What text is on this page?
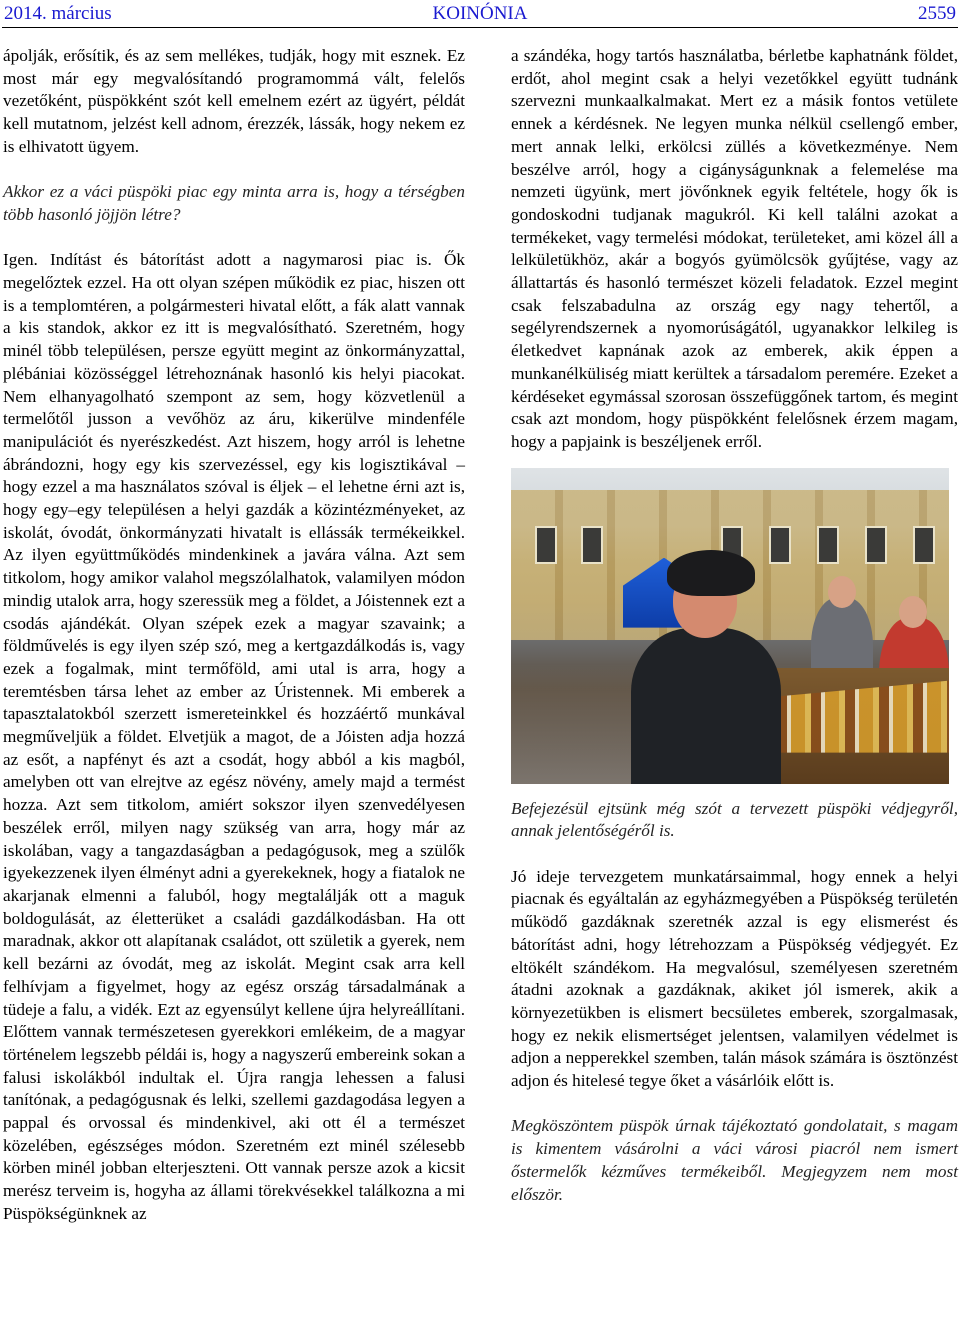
2014. március	KOINÓNIA	2559

ápolják, erősítik, és az sem mellékes, tudják, hogy mit esznek. Ez most már egy megvalósítandó programommá vált, felelős vezetőként, püspökként szót kell emelnem ezért az ügyért, példát kell mutatnom, jelzést kell adnom, érezzék, lássák, hogy nekem ez is elhivatott ügyem.

Akkor ez a váci püspöki piac egy minta arra is, hogy a térségben több hasonló jöjjön létre?

Igen. Indítást és bátorítást adott a nagymarosi piac is. Ők megelőztek ezzel. Ha ott olyan szépen működik ez piac, hiszen ott is a templomtéren, a polgármesteri hivatal előtt, a fák alatt vannak a kis standok, akkor ez itt is megvalósítható. Szeretném, hogy minél több településen, persze együtt megint az önkormányzattal, plébániai közösséggel létrehoznának hasonló kis helyi piacokat. Nem elhanyagolható szempont az sem, hogy közvetlenül a termelőtől jusson a vevőhöz az áru, kikerülve mindenféle manipulációt és nyerészkedést. Azt hiszem, hogy arról is lehetne ábrándozni, hogy egy kis szervezéssel, egy kis logisztikával – hogy ezzel a ma használatos szóval is éljek – el lehetne érni azt is, hogy egy–egy településen a helyi gazdák a közintézményeket, az iskolát, óvodát, önkormányzati hivatalt is ellássák termékeikkel. Az ilyen együttműködés mindenkinek a javára válna. Azt sem titkolom, hogy amikor valahol megszólalhatok, valamilyen módon mindig utalok arra, hogy szeressük meg a földet, a Jóistennek ezt a csodás ajándékát. Olyan szépek ezek a magyar szavaink; a földművelés is egy ilyen szép szó, meg a kertgazdálkodás is, vagy ezek a fogalmak, mint termőföld, ami utal is arra, hogy a teremtésben társa lehet az ember az Úristennek. Mi emberek a tapasztalatokból szerzett ismereteinkkel és hozzáértő munkával megműveljük a földet. Elvetjük a magot, de a Jóisten adja hozzá az esőt, a napfényt és azt a csodát, hogy abból a kis magból, amelyben ott van elrejtve az egész növény, amely majd a termést hozza. Azt sem titkolom, amiért sokszor ilyen szenvedélyesen beszélek erről, milyen nagy szükség van arra, hogy már az iskolában, vagy a tangazdaságban a pedagógusok, meg a szülők igyekezzenek ilyen élményt adni a gyerekeknek, hogy a fiatalok ne akarjanak elmenni a faluból, hogy megtalálják ott a maguk boldogulását, az életterüket a családi gazdálkodásban. Ha ott maradnak, akkor ott alapítanak családot, ott születik a gyerek, nem kell bezárni az óvodát, meg az iskolát. Megint csak arra kell felhívjam a figyelmet, hogy az egész ország társadalmának a tüdeje a falu, a vidék. Ezt az egyensúlyt kellene újra helyreállítani. Előttem vannak természetesen gyerekkori emlékeim, de a magyar történelem legszebb példái is, hogy a nagyszerű embereink sokan a falusi iskolákból indultak el. Újra rangja lehessen a falusi tanítónak, a pedagógusnak és lelki, szellemi gazdagodása legyen a pappal és orvossal és mindenkivel, aki ott él a természet közelében, egészséges módon. Szeretném ezt minél szélesebb körben minél jobban elterjeszteni. Ott vannak persze azok a kicsit merész terveim is, hogyha az állami törekvésekkel találkozna a mi Püspökségünknek az

a szándéka, hogy tartós használatba, bérletbe kaphatnánk földet, erdőt, ahol megint csak a helyi vezetőkkel együtt tudnánk szervezni munkaalkalmakat. Mert ez a másik fontos vetülete ennek a kérdésnek. Ne legyen munka nélkül csellengő ember, mert annak lelki, erkölcsi züllés a következménye. Nem beszélve arról, hogy a cigányságunknak a felemelése ma nemzeti ügyünk, mert jövőnknek egyik feltétele, hogy ők is gondoskodni tudjanak magukról. Ki kell találni azokat a termékeket, vagy termelési módokat, területeket, ami közel áll a lelkületükhöz, akár a bogyós gyümölcsök gyűjtése, vagy az állattartás és hasonló természet közeli feladatok. Ezzel megint csak felszabadulna az ország egy nagy tehertől, a segélyrendszernek a nyomorúságától, ugyanakkor lelkileg is életkedvet kapnának azok az emberek, akik éppen a munkanélküliség miatt kerültek a társadalom peremére. Ezeket a kérdéseket egymással szorosan összefüggőnek tartom, és megint csak azt mondom, hogy püspökként felelősnek érzem magam, hogy a papjaink is beszéljenek erről.

Befejezésül ejtsünk még szót a tervezett püspöki védjegyről, annak jelentőségéről is.

Jó ideje tervezgetem munkatársaimmal, hogy ennek a helyi piacnak és egyáltalán az egyházmegyében a Püspökség területén működő gazdáknak szeretnék azzal is egy elismerést és bátorítást adni, hogy létrehozzam a Püspökség védjegyét. Ez eltökélt szándékom. Ha megvalósul, személyesen szeretném átadni azoknak a gazdáknak, akiket jól ismerek, akik a környezetükben is elismert becsületes emberek, szorgalmasak, hogy ez nekik elismertséget jelentsen, valamilyen védelmet is adjon a nepperekkel szemben, talán mások számára is ösztönzést adjon és hitelesé tegye őket a vásárlóik előtt is.

Megköszöntem püspök úrnak tájékoztató gondolatait, s magam is kimentem vásárolni a váci városi piacról nem ismert őstermelők kézműves termékeiből. Megjegyzem nem most először.
